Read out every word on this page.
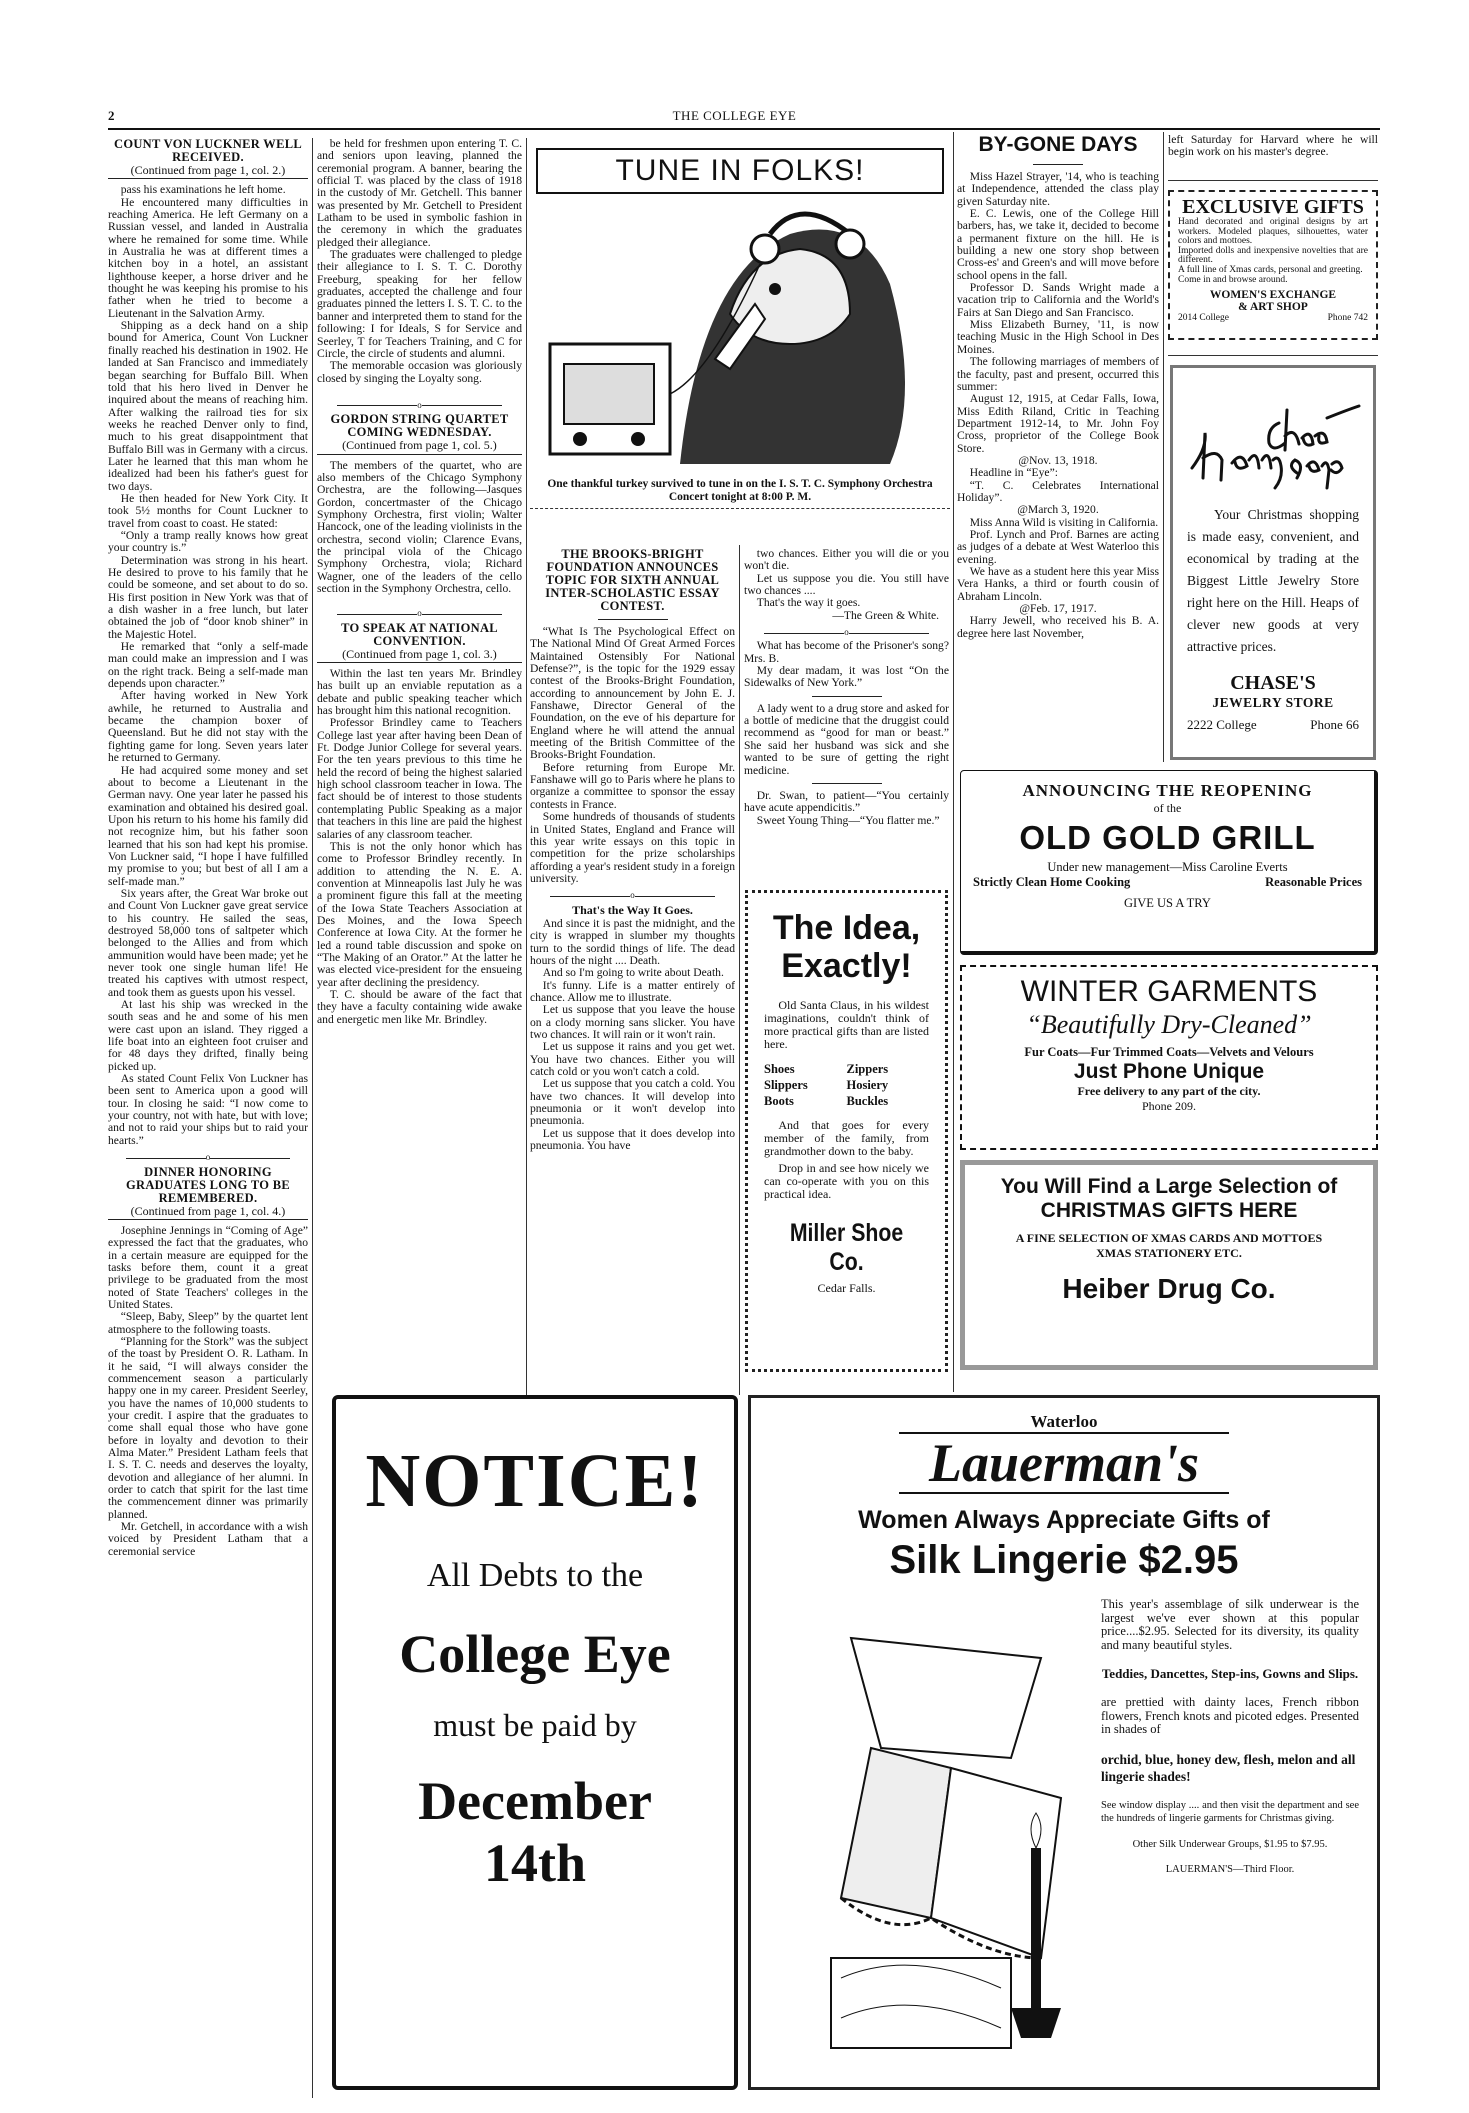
2	THE COLLEGE EYE
COUNT VON LUCKNER WELL RECEIVED.
(Continued from page 1, col. 2.)

pass his examinations he left home.

He encountered many difficulties in reaching America. He left Germany on a Russian vessel, and landed in Australia where he remained for some time. While in Australia he was at different times a kitchen boy in a hotel, an assistant lighthouse keeper, a horse driver and he thought he was keeping his promise to his father when he tried to become a Lieutenant in the Salvation Army.

Shipping as a deck hand on a ship bound for America, Count Von Luckner finally reached his destination in 1902. He landed at San Francisco and immediately began searching for Buffalo Bill. When told that his hero lived in Denver he inquired about the means of reaching him. After walking the railroad ties for six weeks he reached Denver only to find, much to his great disappointment that Buffalo Bill was in Germany with a circus. Later he learned that this man whom he idealized had been his father's guest for two days.

He then headed for New York City. It took 5½ months for Count Luckner to travel from coast to coast. He stated:

“Only a tramp really knows how great your country is.”

Determination was strong in his heart. He desired to prove to his family that he could be someone, and set about to do so. His first position in New York was that of a dish washer in a free lunch, but later obtained the job of “door knob shiner” in the Majestic Hotel.

He remarked that “only a self-made man could make an impression and I was on the right track. Being a self-made man depends upon character.”

After having worked in New York awhile, he returned to Australia and became the champion boxer of Queensland. But he did not stay with the fighting game for long. Seven years later he returned to Germany.

He had acquired some money and set about to become a Lieutenant in the German navy. One year later he passed his examination and obtained his desired goal. Upon his return to his home his family did not recognize him, but his father soon learned that his son had kept his promise. Von Luckner said, “I hope I have fulfilled my promise to you; but best of all I am a self-made man.”

Six years after, the Great War broke out and Count Von Luckner gave great service to his country. He sailed the seas, destroyed 58,000 tons of saltpeter which belonged to the Allies and from which ammunition would have been made; yet he never took one single human life! He treated his captives with utmost respect, and took them as guests upon his vessel.

At last his ship was wrecked in the south seas and he and some of his men were cast upon an island. They rigged a life boat into an eighteen foot cruiser and for 48 days they drifted, finally being picked up.

As stated Count Felix Von Luckner has been sent to America upon a good will tour. In closing he said: “I now come to your country, not with hate, but with love; and not to raid your ships but to raid your hearts.”

o
DINNER HONORING GRADUATES LONG TO BE REMEMBERED.
(Continued from page 1, col. 4.)

Josephine Jennings in “Coming of Age” expressed the fact that the graduates, who in a certain measure are equipped for the tasks before them, count it a great privilege to be graduated from the most noted of State Teachers' colleges in the United States.

“Sleep, Baby, Sleep” by the quartet lent atmosphere to the following toasts.

“Planning for the Stork” was the subject of the toast by President O. R. Latham. In it he said, “I will always consider the commencement season a particularly happy one in my career. President Seerley, you have the names of 10,000 students to your credit. I aspire that the graduates to come shall equal those who have gone before in loyalty and devotion to their Alma Mater.” President Latham feels that I. S. T. C. needs and deserves the loyalty, devotion and allegiance of her alumni. In order to catch that spirit for the last time the commencement dinner was primarily planned.

Mr. Getchell, in accordance with a wish voiced by President Latham that a ceremonial service

be held for freshmen upon entering T. C. and seniors upon leaving, planned the ceremonial program. A banner, bearing the official T. was placed by the class of 1918 in the custody of Mr. Getchell. This banner was presented by Mr. Getchell to President Latham to be used in symbolic fashion in the ceremony in which the graduates pledged their allegiance.

The graduates were challenged to pledge their allegiance to I. S. T. C. Dorothy Freeburg, speaking for her fellow graduates, accepted the challenge and four graduates pinned the letters I. S. T. C. to the banner and interpreted them to stand for the following: I for Ideals, S for Service and Seerley, T for Teachers Training, and C for Circle, the circle of students and alumni.

The memorable occasion was gloriously closed by singing the Loyalty song.

o
GORDON STRING QUARTET COMING WEDNESDAY.
(Continued from page 1, col. 5.)

The members of the quartet, who are also members of the Chicago Symphony Orchestra, are the following—Jasques Gordon, concertmaster of the Chicago Symphony Orchestra, first violin; Walter Hancock, one of the leading violinists in the orchestra, second violin; Clarence Evans, the principal viola of the Chicago Symphony Orchestra, viola; Richard Wagner, one of the leaders of the cello section in the Symphony Orchestra, cello.

o
TO SPEAK AT NATIONAL CONVENTION.
(Continued from page 1, col. 3.)

Within the last ten years Mr. Brindley has built up an enviable reputation as a debate and public speaking teacher which has brought him this national recognition.

Professor Brindley came to Teachers College last year after having been Dean of Ft. Dodge Junior College for several years. For the ten years previous to this time he held the record of being the highest salaried high school classroom teacher in Iowa. The fact should be of interest to those students contemplating Public Speaking as a major that teachers in this line are paid the highest salaries of any classroom teacher.

This is not the only honor which has come to Professor Brindley recently. In addition to attending the N. E. A. convention at Minneapolis last July he was a prominent figure this fall at the meeting of the Iowa State Teachers Association at Des Moines, and the Iowa Speech Conference at Iowa City. At the former he led a round table discussion and spoke on “The Making of an Orator.” At the latter he was elected vice-president for the ensueing year after declining the presidency.

T. C. should be aware of the fact that they have a faculty containing wide awake and energetic men like Mr. Brindley.

TUNE IN FOLKS!
One thankful turkey survived to tune in on the I. S. T. C. Symphony Orchestra Concert tonight at 8:00 P. M.
THE BROOKS-BRIGHT FOUNDATION ANNOUNCES TOPIC FOR SIXTH ANNUAL INTER-SCHOLASTIC ESSAY CONTEST.

“What Is The Psychological Effect on The National Mind Of Great Armed Forces Maintained Ostensibly For National Defense?”, is the topic for the 1929 essay contest of the Brooks-Bright Foundation, according to announcement by John E. J. Fanshawe, Director General of the Foundation, on the eve of his departure for England where he will attend the annual meeting of the British Committee of the Brooks-Bright Foundation.

Before returning from Europe Mr. Fanshawe will go to Paris where he plans to organize a committee to sponsor the essay contests in France.

Some hundreds of thousands of students in United States, England and France will this year write essays on this topic in competition for the prize scholarships affording a year's resident study in a foreign university.

o
That's the Way It Goes.

And since it is past the midnight, and the city is wrapped in slumber my thoughts turn to the sordid things of life. The dead hours of the night .... Death.

And so I'm going to write about Death.

It's funny. Life is a matter entirely of chance. Allow me to illustrate.

Let us suppose that you leave the house on a clody morning sans slicker. You have two chances. It will rain or it won't rain.

Let us suppose it rains and you get wet. You have two chances. Either you will catch cold or you won't catch a cold.

Let us suppose that you catch a cold. You have two chances. It will develop into pneumonia or it won't develop into pneumonia.

Let us suppose that it does develop into pneumonia. You have

two chances. Either you will die or you won't die.

Let us suppose you die. You still have two chances ....

That's the way it goes.

—The Green & White.
o

What has become of the Prisoner's song? Mrs. B.

My dear madam, it was lost “On the Sidewalks of New York.”

A lady went to a drug store and asked for a bottle of medicine that the druggist could recommend as “good for man or beast.” She said her husband was sick and she wanted to be sure of getting the right medicine.

Dr. Swan, to patient—“You certainly have acute appendicitis.”

Sweet Young Thing—“You flatter me.”

The Idea, Exactly!
Old Santa Claus, in his wildest imaginations, couldn't think of more practical gifts than are listed here.
Shoes	Zippers
Slippers	Hosiery
Boots	Buckles
And that goes for every member of the family, from grandmother down to the baby.
Drop in and see how nicely we can co-operate with you on this practical idea.
Miller Shoe Co.
Cedar Falls.
BY-GONE DAYS

Miss Hazel Strayer, '14, who is teaching at Independence, attended the class play given Saturday nite.

E. C. Lewis, one of the College Hill barbers, has, we take it, decided to become a permanent fixture on the hill. He is building a new one story shop between Cross-es' and Green's and will move before school opens in the fall.

Professor D. Sands Wright made a vacation trip to California and the World's Fairs at San Diego and San Francisco.

Miss Elizabeth Burney, '11, is now teaching Music in the High School in Des Moines.

The following marriages of members of the faculty, past and present, occurred this summer:

August 12, 1915, at Cedar Falls, Iowa, Miss Edith Riland, Critic in Teaching Department 1912-14, to Mr. John Foy Cross, proprietor of the College Book Store.

@Nov. 13, 1918.

Headline in “Eye”:

“T. C. Celebrates International Holiday”.

@March 3, 1920.

Miss Anna Wild is visiting in California.

Prof. Lynch and Prof. Barnes are acting as judges of a debate at West Waterloo this evening.

We have as a student here this year Miss Vera Hanks, a third or fourth cousin of Abraham Lincoln.

@Feb. 17, 1917.

Harry Jewell, who received his B. A. degree here last November,

left Saturday for Harvard where he will begin work on his master's degree.
EXCLUSIVE GIFTS

Hand decorated and original designs by art workers. Modeled plaques, silhouettes, water colors and mottoes.

Imported dolls and inexpensive novelties that are different.

A full line of Xmas cards, personal and greeting.

Come in and browse around.

WOMEN'S EXCHANGE
& ART SHOP
2014 College	Phone 742
Your Christmas shopping is made easy, convenient, and economical by trading at the Biggest Little Jewelry Store right here on the Hill. Heaps of clever new goods at very attractive prices.
CHASE'S
JEWELRY STORE
2222 College	Phone 66
ANNOUNCING THE REOPENING
of the
OLD GOLD GRILL
Under new management—Miss Caroline Everts
Strictly Clean Home Cooking	Reasonable Prices
GIVE US A TRY
WINTER GARMENTS
“Beautifully Dry-Cleaned”
Fur Coats—Fur Trimmed Coats—Velvets and Velours
Just Phone Unique
Free delivery to any part of the city.
Phone 209.
You Will Find a Large Selection of
CHRISTMAS GIFTS HERE
A FINE SELECTION OF XMAS CARDS AND MOTTOES
XMAS STATIONERY ETC.
Heiber Drug Co.
NOTICE!
All Debts to the
College Eye
must be paid by
December
14th
Waterloo
Lauerman's
Women Always Appreciate Gifts of
Silk Lingerie $2.95
This year's assemblage of silk underwear is the largest we've ever shown at this popular price....$2.95. Selected for its diversity, its quality and many beautiful styles.
Teddies, Dancettes, Step-ins, Gowns and Slips.
are prettied with dainty laces, French ribbon flowers, French knots and picoted edges. Presented in shades of
orchid, blue, honey dew, flesh, melon and all lingerie shades!
See window display .... and then visit the department and see the hundreds of lingerie garments for Christmas giving.
Other Silk Underwear Groups, $1.95 to $7.95.
LAUERMAN'S—Third Floor.
